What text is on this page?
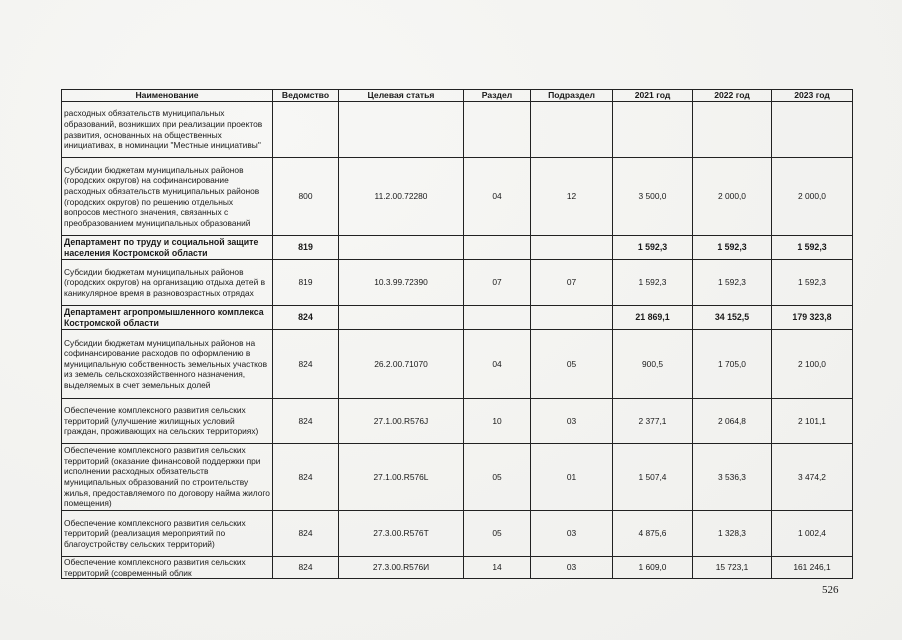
Наименование	Ведомство	Целевая статья	Раздел	Подраздел	2021 год	2022 год	2023 год
расходных обязательств муниципальных образований, возникших при реализации проектов развития, основанных на общественных инициативах, в номинации "Местные инициативы"							
Субсидии бюджетам муниципальных районов (городских округов) на софинансирование расходных обязательств муниципальных районов (городских округов) по решению отдельных вопросов местного значения, связанных с преобразованием муниципальных образований	800	11.2.00.72280	04	12	3 500,0	2 000,0	2 000,0
Департамент по труду и социальной защите населения Костромской области	819				1 592,3	1 592,3	1 592,3
Субсидии бюджетам муниципальных районов (городских округов) на организацию отдыха детей в каникулярное время в разновозрастных отрядах	819	10.3.99.72390	07	07	1 592,3	1 592,3	1 592,3
Департамент агропромышленного комплекса Костромской области	824				21 869,1	34 152,5	179 323,8
Субсидии бюджетам муниципальных районов на софинансирование расходов по оформлению в муниципальную собственность земельных участков из земель сельскохозяйственного назначения, выделяемых в счет земельных долей	824	26.2.00.71070	04	05	900,5	1 705,0	2 100,0
Обеспечение комплексного развития сельских территорий (улучшение жилищных условий граждан, проживающих на сельских территориях)	824	27.1.00.R576J	10	03	2 377,1	2 064,8	2 101,1
Обеспечение комплексного развития сельских территорий (оказание финансовой поддержки при исполнении расходных обязательств муниципальных образований по строительству жилья, предоставляемого по договору найма жилого помещения)	824	27.1.00.R576L	05	01	1 507,4	3 536,3	3 474,2
Обеспечение комплексного развития сельских территорий (реализация мероприятий по благоустройству сельских территорий)	824	27.3.00.R576T	05	03	4 875,6	1 328,3	1 002,4
Обеспечение комплексного развития сельских территорий (современный облик	824	27.3.00.R576И	14	03	1 609,0	15 723,1	161 246,1
526
